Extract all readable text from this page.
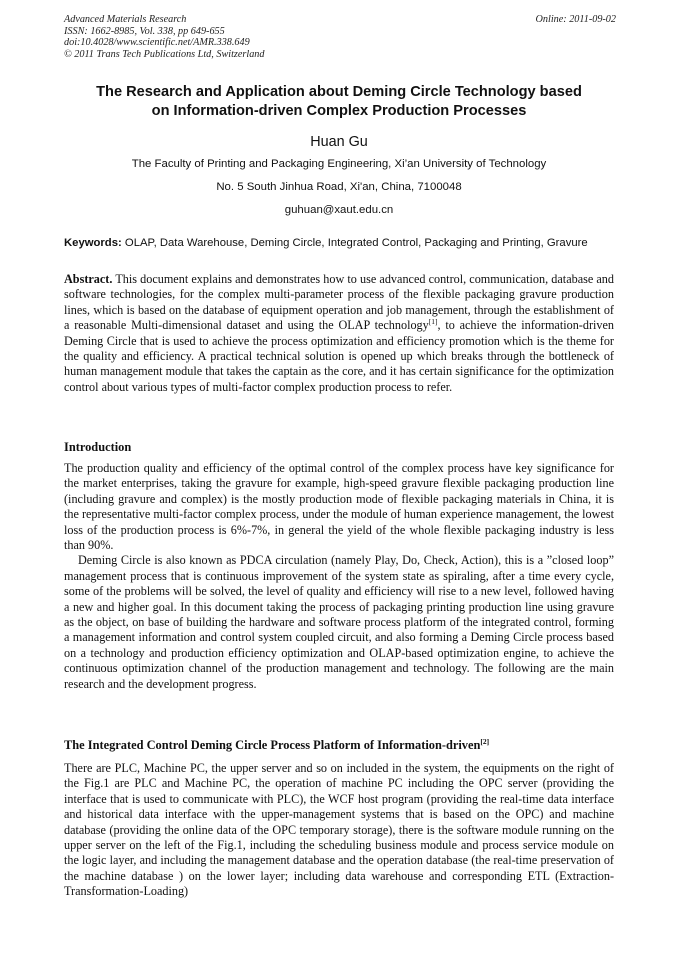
Advanced Materials Research
ISSN: 1662-8985, Vol. 338, pp 649-655
doi:10.4028/www.scientific.net/AMR.338.649
© 2011 Trans Tech Publications Ltd, Switzerland
Online: 2011-09-02
The Research and Application about Deming Circle Technology based
on Information-driven Complex Production Processes
Huan Gu
The Faculty of Printing and Packaging Engineering, Xi’an University of Technology
No. 5 South Jinhua Road, Xi'an, China, 7100048
guhuan@xaut.edu.cn
Keywords: OLAP, Data Warehouse, Deming Circle, Integrated Control, Packaging and Printing, Gravure

Abstract. This document explains and demonstrates how to use advanced control, communication, database and software technologies, for the complex multi-parameter process of the flexible packaging gravure production lines, which is based on the database of equipment operation and job management, through the establishment of a reasonable Multi-dimensional dataset and using the OLAP technology[1], to achieve the information-driven Deming Circle that is used to achieve the process optimization and efficiency promotion which is the theme for the quality and efficiency. A practical technical solution is opened up which breaks through the bottleneck of human management module that takes the captain as the core, and it has certain significance for the optimization control about various types of multi-factor complex production process to refer.

Introduction

The production quality and efficiency of the optimal control of the complex process have key significance for the market enterprises, taking the gravure for example, high-speed gravure flexible packaging production line (including gravure and complex) is the mostly production mode of flexible packaging materials in China, it is the representative multi-factor complex process, under the module of human experience management, the lowest loss of the production process is 6%-7%, in general the yield of the whole flexible packaging industry is less than 90%.

Deming Circle is also known as PDCA circulation (namely Play, Do, Check, Action), this is a ”closed loop” management process that is continuous improvement of the system state as spiraling, after a time every cycle, some of the problems will be solved, the level of quality and efficiency will rise to a new level, followed having a new and higher goal. In this document taking the process of packaging printing production line using gravure as the object, on base of building the hardware and software process platform of the integrated control, forming a management information and control system coupled circuit, and also forming a Deming Circle process based on a technology and production efficiency optimization and OLAP-based optimization engine, to achieve the continuous optimization channel of the production management and technology. The following are the main research and the development progress.

The Integrated Control Deming Circle Process Platform of Information-driven[2]

There are PLC, Machine PC, the upper server and so on included in the system, the equipments on the right of the Fig.1 are PLC and Machine PC, the operation of machine PC including the OPC server (providing the interface that is used to communicate with PLC), the WCF host program (providing the real-time data interface and historical data interface with the upper-management systems that is based on the OPC) and machine database (providing the online data of the OPC temporary storage), there is the software module running on the upper server on the left of the Fig.1, including the scheduling business module and process service module on the logic layer, and including the management database and the operation database (the real-time preservation of the machine database ) on the lower layer; including data warehouse and corresponding ETL (Extraction-Transformation-Loading)
